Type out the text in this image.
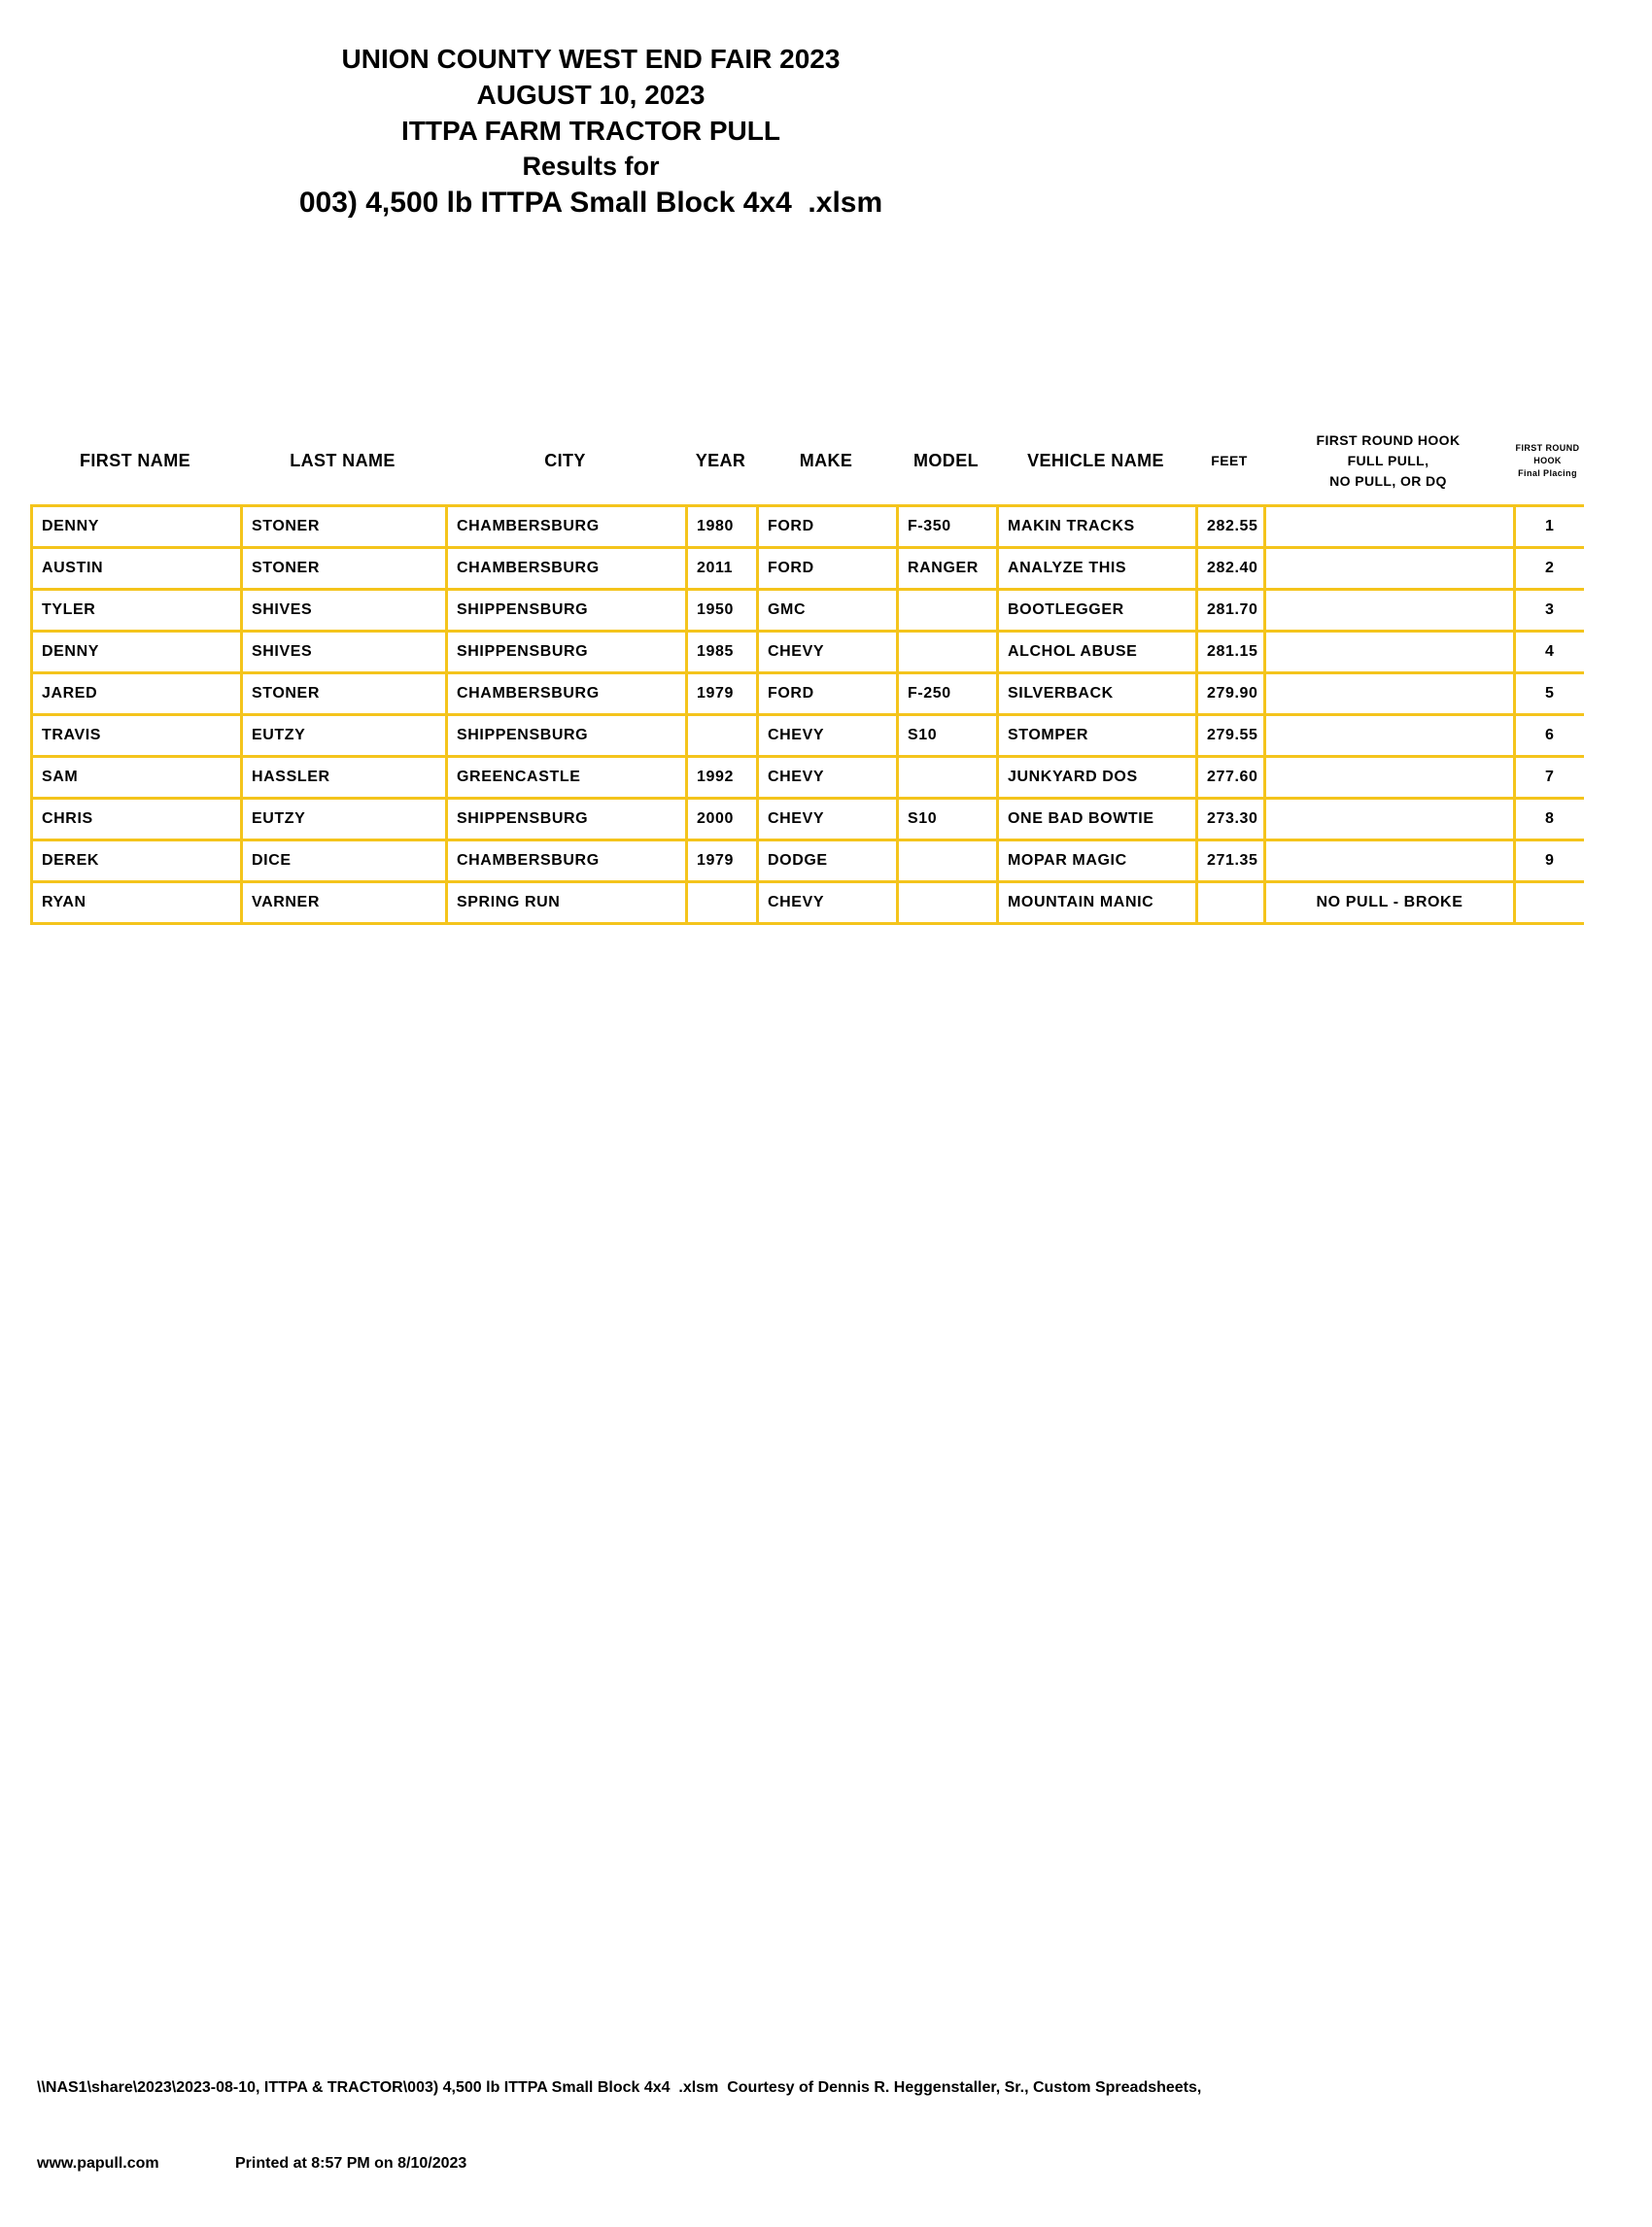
UNION COUNTY WEST END FAIR 2023
AUGUST 10, 2023
ITTPA FARM TRACTOR PULL
Results for
003) 4,500 lb ITTPA Small Block 4x4  .xlsm
FIRST NAME	LAST NAME	CITY	YEAR	MAKE	MODEL	VEHICLE NAME	FEET
FIRST ROUND HOOK
FULL PULL,
NO PULL, OR DQ
FIRST ROUND
HOOK
Final Placing
DENNY	STONER	CHAMBERSBURG	1980	FORD	F-350	MAKIN TRACKS	282.55		1
AUSTIN	STONER	CHAMBERSBURG	2011	FORD	RANGER	ANALYZE THIS	282.40		2
TYLER	SHIVES	SHIPPENSBURG	1950	GMC		BOOTLEGGER	281.70		3
DENNY	SHIVES	SHIPPENSBURG	1985	CHEVY		ALCHOL ABUSE	281.15		4
JARED	STONER	CHAMBERSBURG	1979	FORD	F-250	SILVERBACK	279.90		5
TRAVIS	EUTZY	SHIPPENSBURG		CHEVY	S10	STOMPER	279.55		6
SAM	HASSLER	GREENCASTLE	1992	CHEVY		JUNKYARD DOS	277.60		7
CHRIS	EUTZY	SHIPPENSBURG	2000	CHEVY	S10	ONE BAD BOWTIE	273.30		8
DEREK	DICE	CHAMBERSBURG	1979	DODGE		MOPAR MAGIC	271.35		9
RYAN	VARNER	SPRING RUN		CHEVY		MOUNTAIN MANIC		NO PULL - BROKE	

\\NAS1\share\2023\2023-08-10, ITTPA & TRACTOR\003) 4,500 lb ITTPA Small Block 4x4  .xlsm  Courtesy of Dennis R. Heggenstaller, Sr., Custom Spreadsheets,

www.papull.com	Printed at 8:57 PM on 8/10/2023
